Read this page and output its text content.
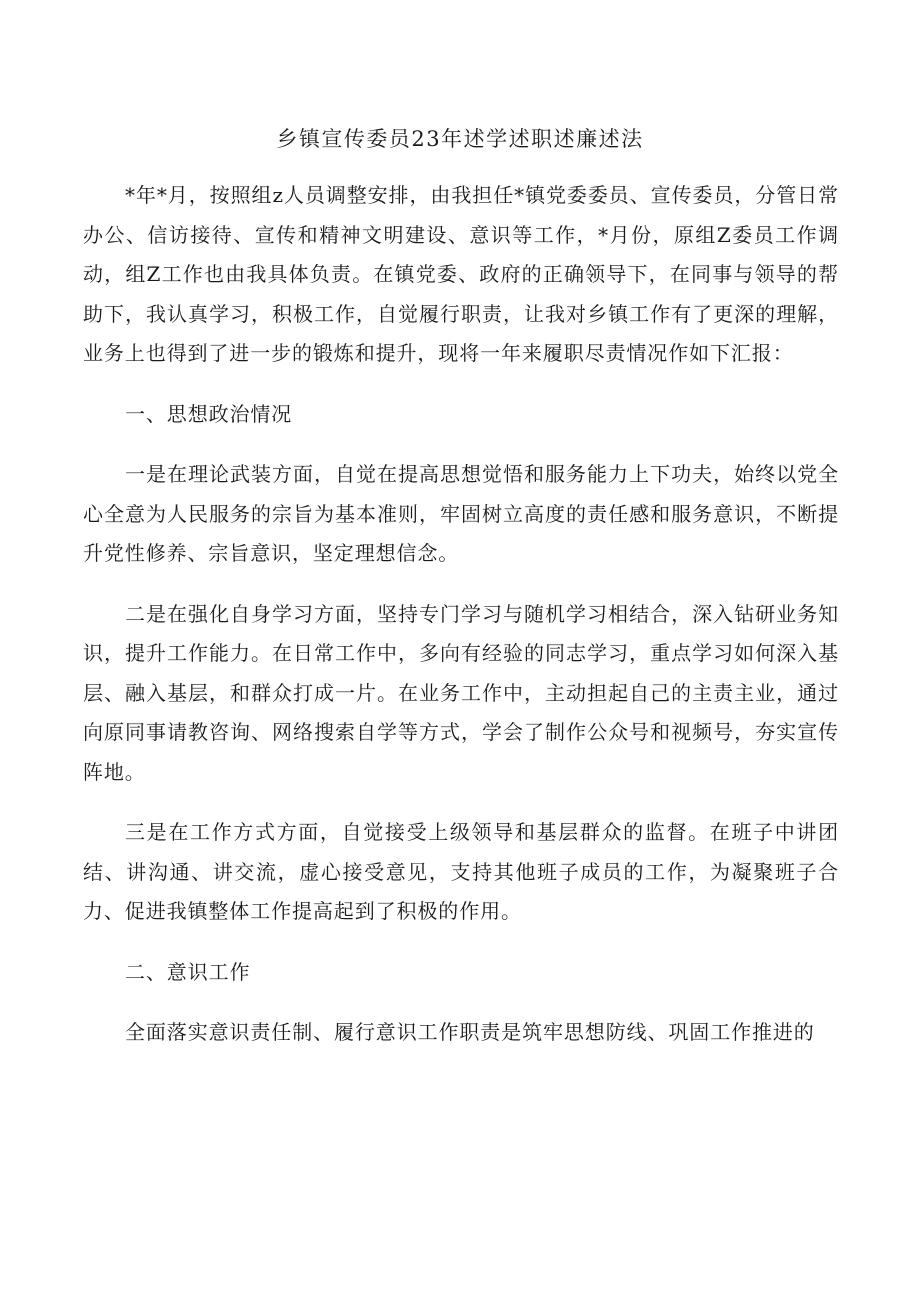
乡镇宣传委员23年述学述职述廉述法

*年*月，按照组z人员调整安排，由我担任*镇党委委员、宣传委员，分管日常办公、信访接待、宣传和精神文明建设、意识等工作，*月份，原组Z委员工作调动，组Z工作也由我具体负责。在镇党委、政府的正确领导下，在同事与领导的帮助下，我认真学习，积极工作，自觉履行职责，让我对乡镇工作有了更深的理解，业务上也得到了进一步的锻炼和提升，现将一年来履职尽责情况作如下汇报：

一、思想政治情况

一是在理论武装方面，自觉在提高思想觉悟和服务能力上下功夫，始终以党全心全意为人民服务的宗旨为基本准则，牢固树立高度的责任感和服务意识，不断提升党性修养、宗旨意识，坚定理想信念。

二是在强化自身学习方面，坚持专门学习与随机学习相结合，深入钻研业务知识，提升工作能力。在日常工作中，多向有经验的同志学习，重点学习如何深入基层、融入基层，和群众打成一片。在业务工作中，主动担起自己的主责主业，通过向原同事请教咨询、网络搜索自学等方式，学会了制作公众号和视频号，夯实宣传阵地。

三是在工作方式方面，自觉接受上级领导和基层群众的监督。在班子中讲团结、讲沟通、讲交流，虚心接受意见，支持其他班子成员的工作，为凝聚班子合力、促进我镇整体工作提高起到了积极的作用。

二、意识工作

全面落实意识责任制、履行意识工作职责是筑牢思想防线、巩固工作推进的
